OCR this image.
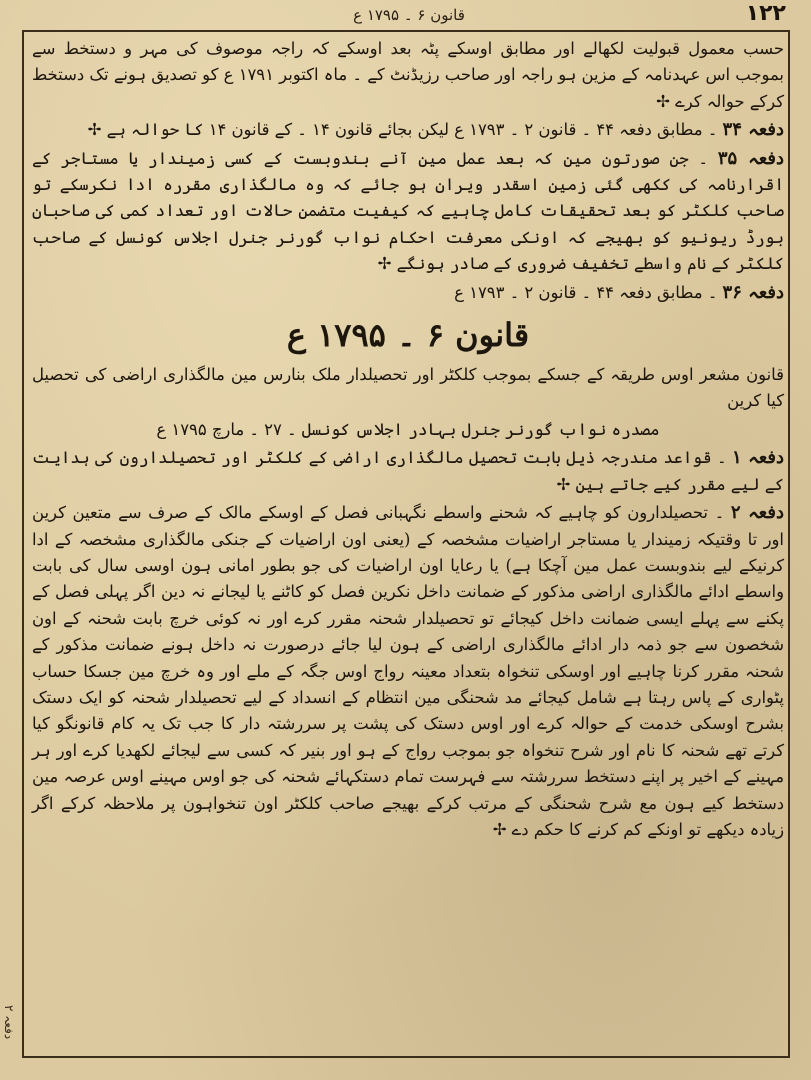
۱۲۲
قانون ۶ ۔ ۱۷۹۵ ع

حسب معمول قبولیت لکھالے اور مطابق اوسکے پٹہ بعد اوسکے کہ راجہ موصوف کی مہر و دستخط سے بموجب اس عہدنامہ کے مزین ہو راجہ اور صاحب رزیڈنٹ کے ۔ ماہ اکتوبر ۱۷۹۱ ع کو تصدیق ہونے تک دستخط کرکے حوالہ کرے ✢

دفعہ ۳۴ ۔ مطابق دفعہ ۴۴ ۔ قانون ۲ ۔ ۱۷۹۳ ع لیکن بجائے قانون ۱۴ ۔ کے قانون ۱۴ کا حوالہ ہے ✢

دفعہ ۳۵ ۔ جن صورتون مین کہ بعد عمل مین آنے بندوبست کے کسی زمیندار یا مستاجر کے اقرارنامہ کی ککھی گئی زمین اسقدر ویران ہو جائے کہ وہ مالگذاری مقررہ ادا نکرسکے تو صاحب کلکٹر کو بعد تحقیقات کامل چاہیے کہ کیفیت متضمن حالات اور تعداد کمی کی صاحبان بورڈ ریونیو کو بھیجے کہ اونکی معرفت احکام نواب گورنر جنرل اجلاس کونسل کے صاحب کلکٹر کے نام واسطے تخفیف ضروری کے صادر ہونگے ✢

دفعہ ۳۶ ۔ مطابق دفعہ ۴۴ ۔ قانون ۲ ۔ ۱۷۹۳ ع

قانون ۶ ۔ ۱۷۹۵ ع

قانون مشعر اوس طریقہ کے جسکے بموجب کلکٹر اور تحصیلدار ملک بنارس مین مالگذاری اراضی کی تحصیل کیا کرین

مصدرہ نواب گورنر جنرل بہادر اجلاس کونسل ۔ ۲۷ ۔ مارچ ۱۷۹۵ ع

دفعہ ۱ ۔ قواعد مندرجہ ذیل بابت تحصیل مالگذاری اراضی کے کلکٹر اور تحصیلدارون کی ہدایت کے لیے مقرر کیے جاتے ہین ✢

دفعہ ۲ ۔ تحصیلدارون کو چاہیے کہ شحنے واسطے نگہبانی فصل کے اوسکے مالک کے صرف سے متعین کرین اور تا وقتیکہ زمیندار یا مستاجر اراضیات مشخصہ کے (یعنی اون اراضیات کے جنکی مالگذاری مشخصہ کے ادا کرنیکے لیے بندوبست عمل مین آچکا ہے) یا رعایا اون اراضیات کی جو بطور امانی ہون اوسی سال کی بابت واسطے ادائے مالگذاری اراضی مذکور کے ضمانت داخل نکرین فصل کو کاٹنے یا لیجانے نہ دین اگر پہلی فصل کے پکنے سے پہلے ایسی ضمانت داخل کیجائے تو تحصیلدار شحنہ مقرر کرے اور نہ کوئی خرچ بابت شحنہ کے اون شخصون سے جو ذمہ دار ادائے مالگذاری اراضی کے ہون لیا جائے درصورت نہ داخل ہونے ضمانت مذکور کے شحنہ مقرر کرنا چاہیے اور اوسکی تنخواہ بتعداد معینہ رواج اوس جگہ کے ملے اور وہ خرچ مین جسکا حساب پٹواری کے پاس رہتا ہے شامل کیجائے مد شحنگی مین انتظام کے انسداد کے لیے تحصیلدار شحنہ کو ایک دستک بشرح اوسکی خدمت کے حوالہ کرے اور اوس دستک کی پشت پر سررشتہ دار کا جب تک یہ کام قانونگو کیا کرتے تھے شحنہ کا نام اور شرح تنخواہ جو بموجب رواج کے ہو اور بنیر کہ کسی سے لیجائے لکھدیا کرے اور ہر مہینے کے اخیر پر اپنے دستخط سررشتہ سے فہرست تمام دستکہائے شحنہ کی جو اوس مہینے اوس عرصہ مین دستخط کیے ہون مع شرح شحنگی کے مرتب کرکے بھیجے صاحب کلکٹر اون تنخواہون پر ملاحظہ کرکے اگر زیادہ دیکھے تو اونکے کم کرنے کا حکم دے ✢

دفعہ ۲
